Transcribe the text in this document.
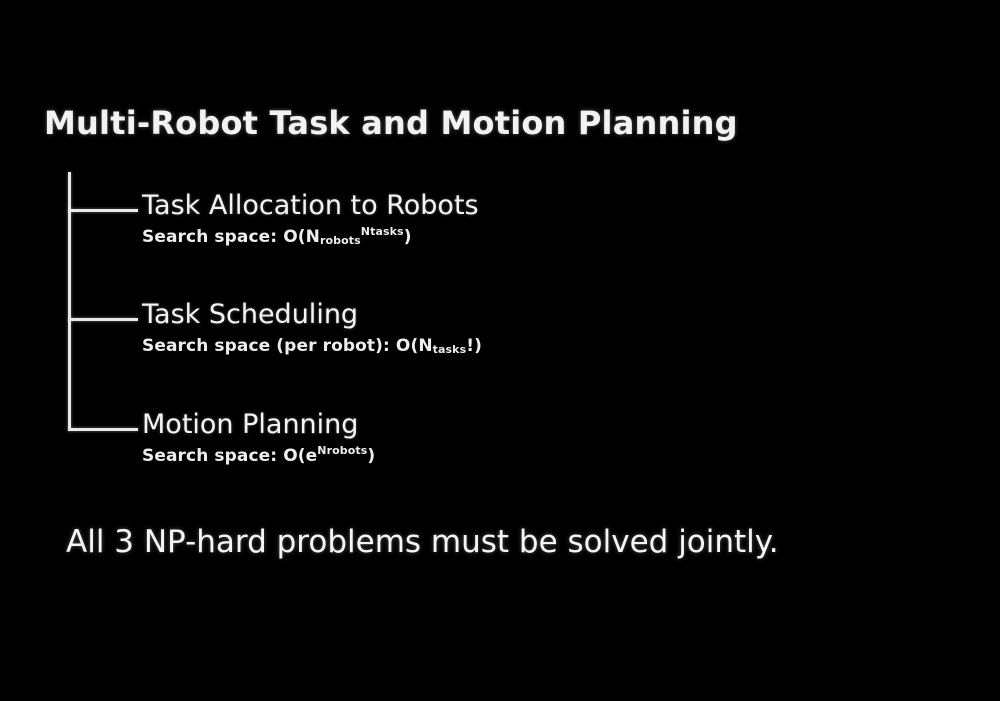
Multi-Robot Task and Motion Planning
Task Allocation to Robots
Search space: O(Nrobots$^{Ntasks}$)
Task Scheduling
Search space (per robot): O(Ntasks!)
Motion Planning
Search space: $O(e^{Nrobots})$
All 3 NP-hard problems must be solved jointly.
